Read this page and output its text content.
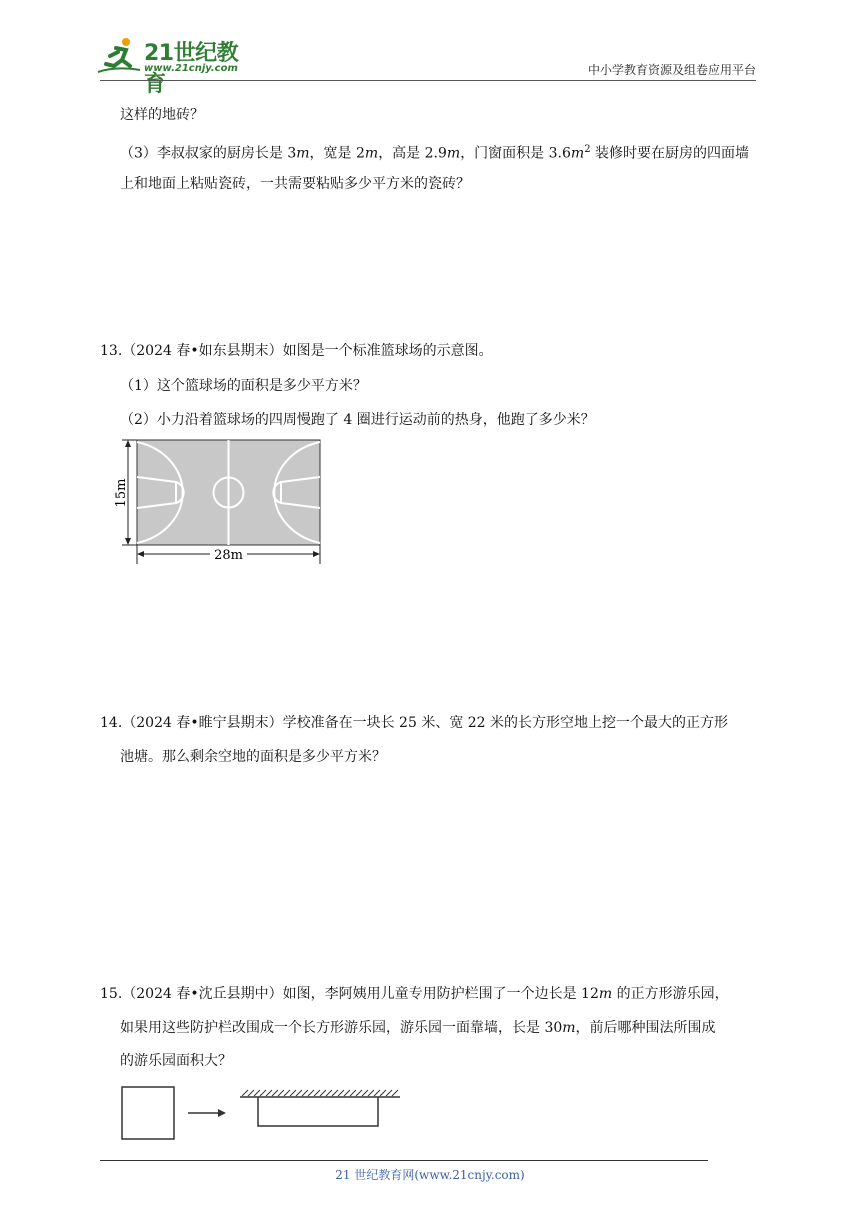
21世纪教育
www.21cnjy.com	中小学教育资源及组卷应用平台
这样的地砖？
（3）李叔叔家的厨房长是 3m，宽是 2m，高是 2.9m，门窗面积是 $3.6m^2$ 装修时要在厨房的四面墙
上和地面上粘贴瓷砖，一共需要粘贴多少平方米的瓷砖？
13.（2024 春•如东县期末）如图是一个标准篮球场的示意图。
（1）这个篮球场的面积是多少平方米？
（2）小力沿着篮球场的四周慢跑了 4 圈进行运动前的热身，他跑了多少米？
15m
28m
14.（2024 春•睢宁县期末）学校准备在一块长 25 米、宽 22 米的长方形空地上挖一个最大的正方形
池塘。那么剩余空地的面积是多少平方米？
15.（2024 春•沈丘县期中）如图，李阿姨用儿童专用防护栏围了一个边长是 12m 的正方形游乐园，
如果用这些防护栏改围成一个长方形游乐园，游乐园一面靠墙，长是 30m，前后哪种围法所围成
的游乐园面积大？
21 世纪教育网(www.21cnjy.com)
